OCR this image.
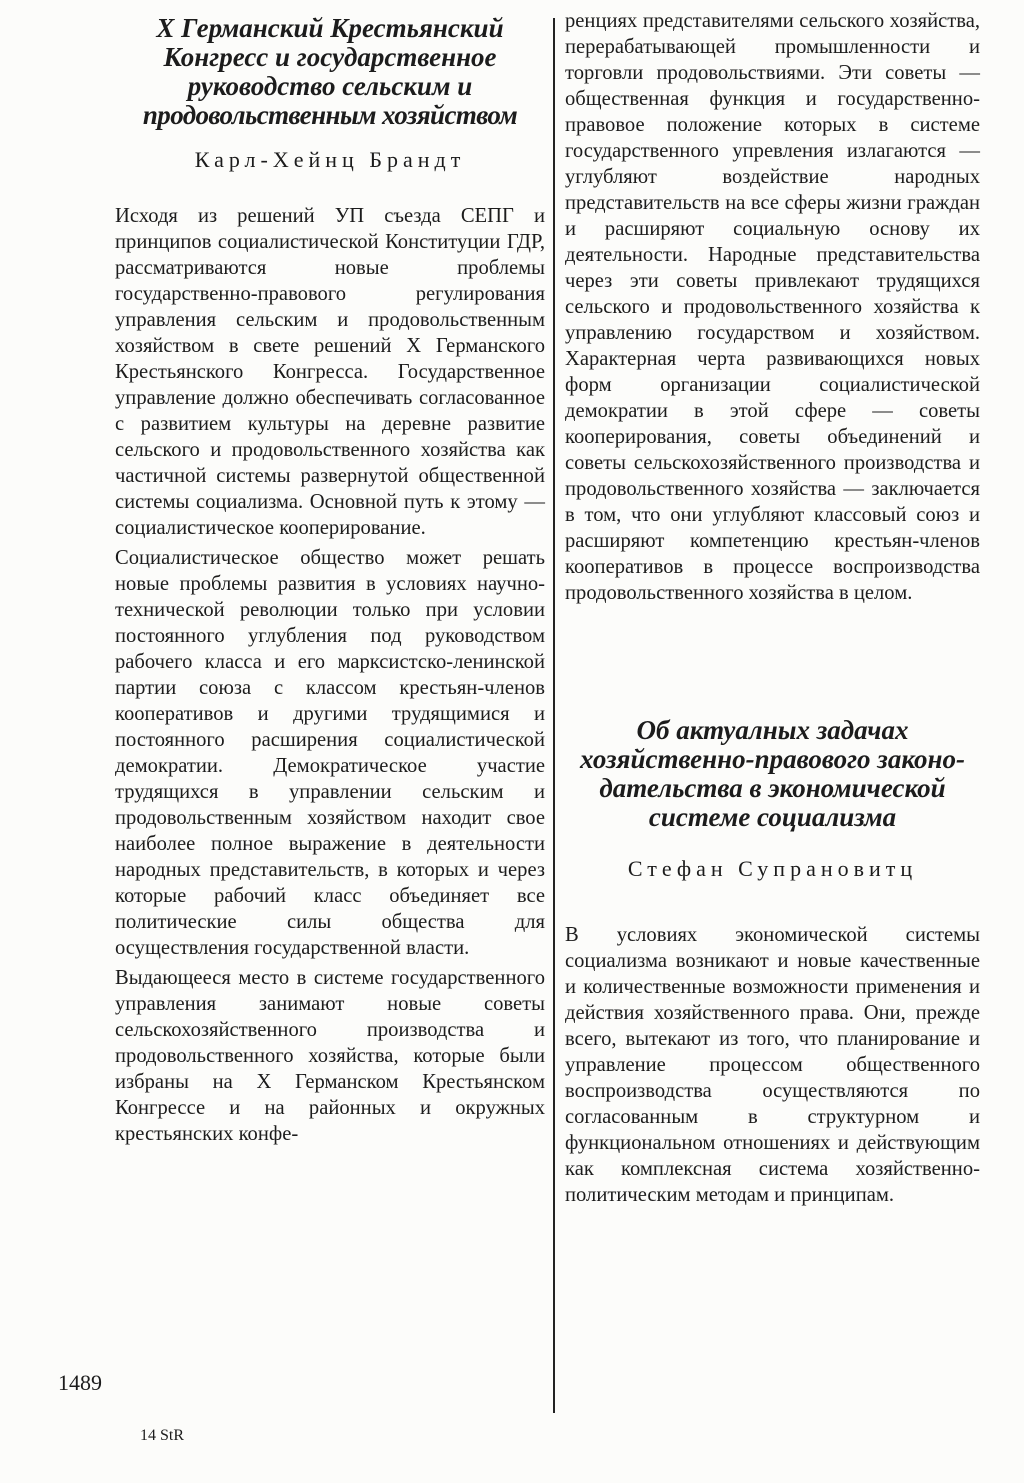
X Германский Крестьянский
Конгресс и государственное
руководство сельским и
продовольственным хозяйством

Карл-Хейнц Брандт

Исходя из решений УП съезда СЕПГ и принципов социалистической Конституции ГДР, рассматриваются новые проблемы государственно-правового регулирования управления сельским и продовольственным хозяйством в свете решений X Германского Крестьянского Конгресса. Государственное управление должно обеспечивать согласованное с развитием культуры на деревне развитие сельского и продовольственного хозяйства как частичной системы развернутой общественной системы социализма. Основной путь к этому — социалистическое кооперирование.

Социалистическое общество может решать новые проблемы развития в условиях научно-технической революции только при условии постоянного углубления под руководством рабочего класса и его марксистско-ленинской партии союза с классом крестьян-членов кооперативов и другими трудящимися и постоянного расширения социалистической демократии. Демократическое участие трудящихся в управлении сельским и продовольственным хозяйством находит свое наиболее полное выражение в деятельности народных представительств, в которых и через которые рабочий класс объединяет все политические силы общества для осуществления государственной власти.

Выдающееся место в системе государственного управления занимают новые советы сельскохозяйственного производства и продовольственного хозяйства, которые были избраны на X Германском Крестьянском Конгрессе и на районных и окружных крестьянских конфе-

ренциях представителями сельского хозяйства, перерабатывающей промышленности и торговли продовольствиями. Эти советы — общественная функция и государственно-правовое положение которых в системе государственного упревления излагаются — углубляют воздействие народных представительств на все сферы жизни граждан и расширяют социальную основу их деятельности. Народные представительства через эти советы привлекают трудящихся сельского и продовольственного хозяйства к управлению государством и хозяйством. Характерная черта развивающихся новых форм организации социалистической демократии в этой сфере — советы кооперирования, советы объединений и советы сельскохозяйственного производства и продовольственного хозяйства — заключается в том, что они углубляют классовый союз и расширяют компетенцию крестьян-членов кооперативов в процессе воспроизводства продовольственного хозяйства в целом.

Об актуалных задачах
хозяйственно-правового законо-
дательства в экономической
системе социализма

Стефан Супрановитц

В условиях экономической системы социализма возникают и новые качественные и количественные возможности применения и действия хозяйственного права. Они, прежде всего, вытекают из того, что планирование и управление процессом общественного воспроизводства осуществляются по согласованным в структурном и функциональном отношениях и действующим как комплексная система хозяйственно-политическим методам и принципам.

1489
14 StR
